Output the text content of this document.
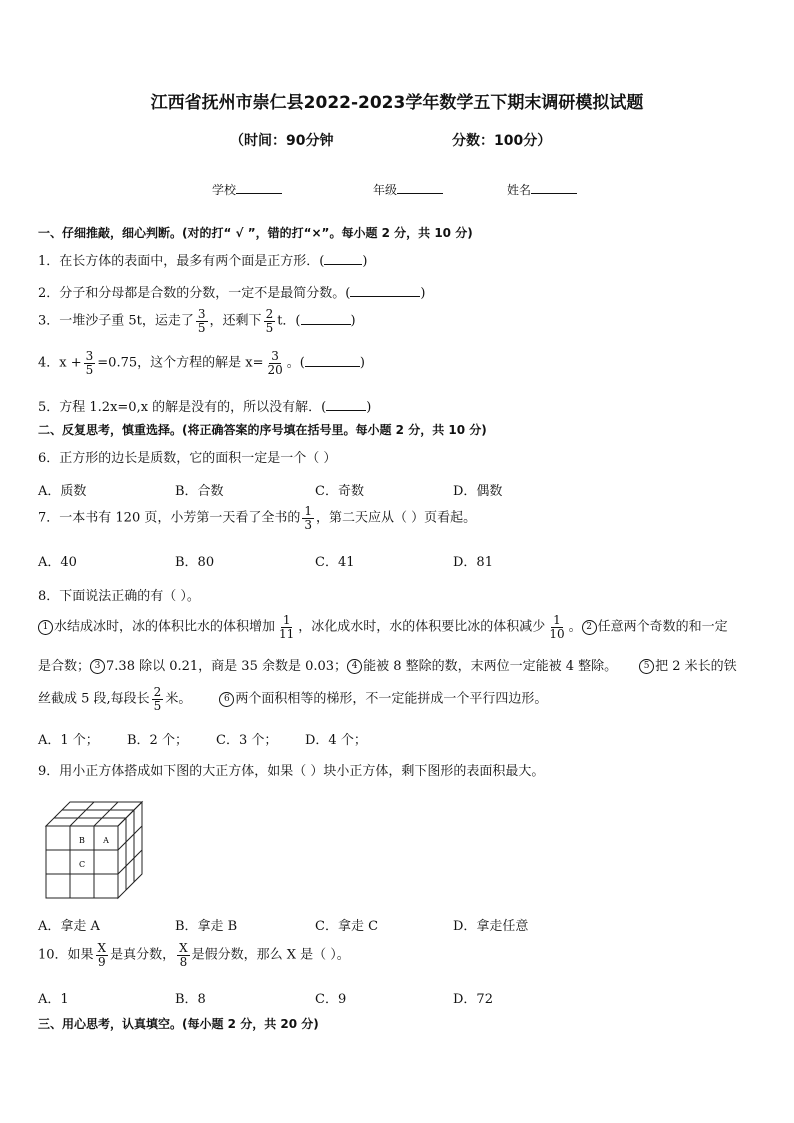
江西省抚州市崇仁县2022-2023学年数学五下期末调研模拟试题
（时间：90分钟	分数：100分）
学校	年级	姓名
一、仔细推敲，细心判断。(对的打“ √ ”，错的打“×”。每小题 2 分，共 10 分)
1．在长方体的表面中，最多有两个面是正方形．(	)
2．分子和分母都是合数的分数，一定不是最简分数。(	)
3．一堆沙子重 5t，运走了 $\frac{3}{5}$ ，还剩下 $\frac{2}{5}$ t．(	)
4．$x + \frac{3}{5} =0.75$，这个方程的解是 $x= \frac{3}{20}$ 。(	)
5．方程 1.2x=0,x 的解是没有的，所以没有解．(	)
二、反复思考，慎重选择。(将正确答案的序号填在括号里。每小题 2 分，共 10 分)
6．正方形的边长是质数，它的面积一定是一个（ ）
A．质数	B．合数	C．奇数	D．偶数
7．一本书有 120 页，小芳第一天看了全书的 $\frac{1}{3}$ ，第二天应从（ ）页看起。
A．40	B．80	C．41	D．81
8．下面说法正确的有（ ）。
1 水结成冰时，冰的体积比水的体积增加 $\frac{1}{11}$ ，冰化成水时，水的体积要比冰的体积减少 $\frac{1}{10}$ 。 2 任意两个奇数的和一定
是合数； 3 7.38 除以 0.21，商是 35 余数是 0.03； 4 能被 8 整除的数，末两位一定能被 4 整除。	5 把 2 米长的铁
丝截成 5 段,每段长 $\frac{2}{5}$ 米。	6 两个面积相等的梯形，不一定能拼成一个平行四边形。
A．1 个； B．2 个； C．3 个； D．4 个；
9．用小正方体搭成如下图的大正方体，如果（ ）块小正方体，剩下图形的表面积最大。
B A
C
A．拿走 A	B．拿走 B	C．拿走 C	D．拿走任意
10．如果 $\frac{X}{9}$ 是真分数， $\frac{X}{8}$ 是假分数，那么 X 是（ ）。
A．1	B．8	C．9	D．72
三、用心思考，认真填空。(每小题 2 分，共 20 分)
